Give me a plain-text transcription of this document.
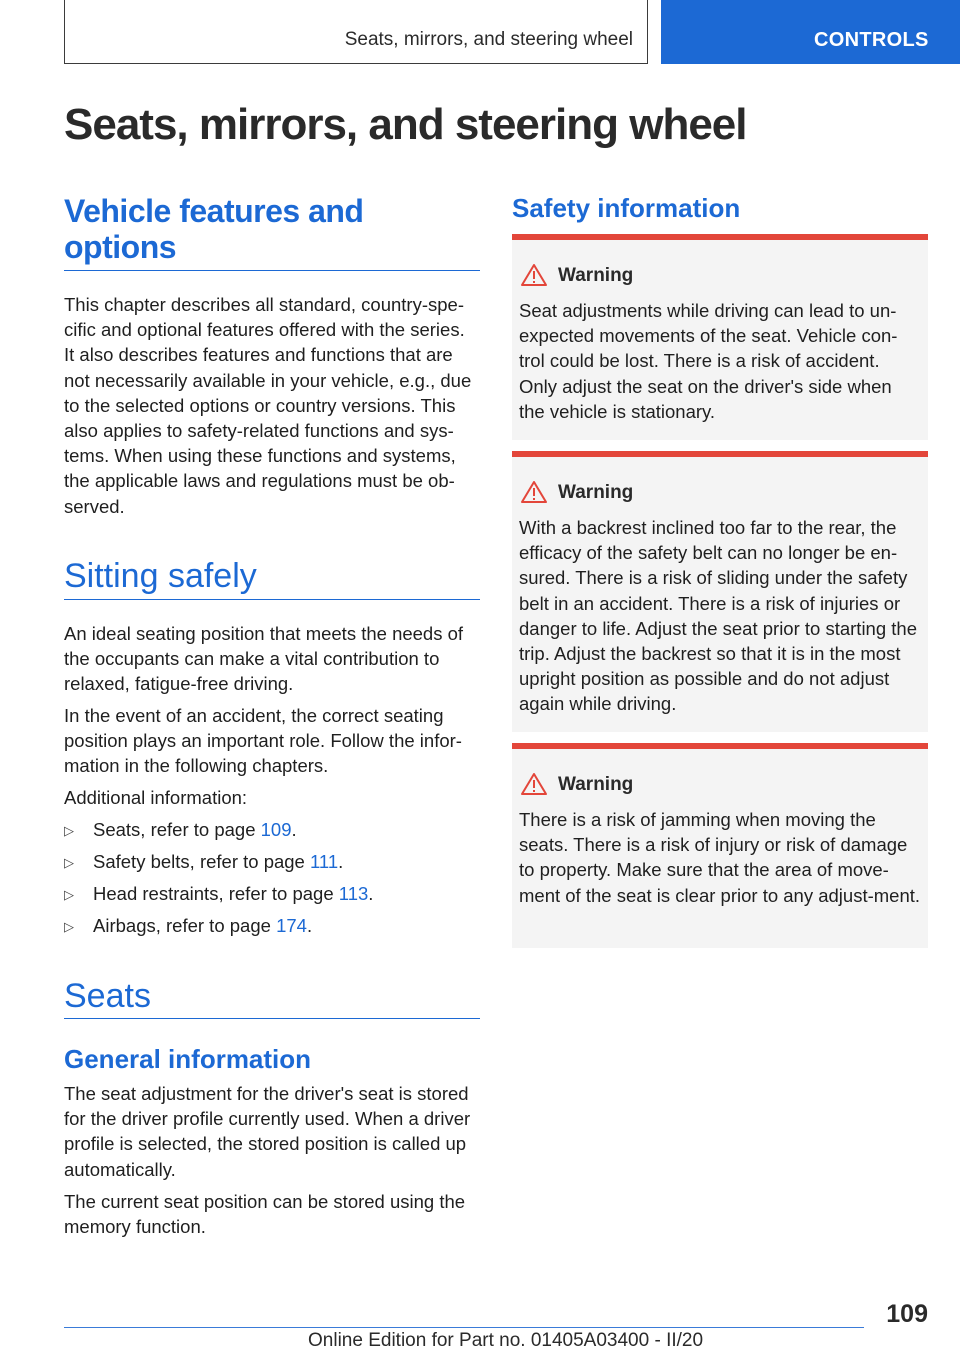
Seats, mirrors, and steering wheel	CONTROLS
Seats, mirrors, and steering wheel
Vehicle features and options

This chapter describes all standard, country-spe-cific and optional features offered with the series. It also describes features and functions that are not necessarily available in your vehicle, e.g., due to the selected options or country versions. This also applies to safety-related functions and sys-tems. When using these functions and systems, the applicable laws and regulations must be ob-served.

Sitting safely

An ideal seating position that meets the needs of the occupants can make a vital contribution to relaxed, fatigue-free driving.

In the event of an accident, the correct seating position plays an important role. Follow the infor-mation in the following chapters.

Additional information:

▷ Seats, refer to page 109.
▷ Safety belts, refer to page 111.
▷ Head restraints, refer to page 113.
▷ Airbags, refer to page 174.
Seats
General information

The seat adjustment for the driver's seat is stored for the driver profile currently used. When a driver profile is selected, the stored position is called up automatically.

The current seat position can be stored using the memory function.

Safety information
Warning

Seat adjustments while driving can lead to un-expected movements of the seat. Vehicle con-trol could be lost. There is a risk of accident. Only adjust the seat on the driver's side when the vehicle is stationary.

Warning

With a backrest inclined too far to the rear, the efficacy of the safety belt can no longer be en-sured. There is a risk of sliding under the safety belt in an accident. There is a risk of injuries or danger to life. Adjust the seat prior to starting the trip. Adjust the backrest so that it is in the most upright position as possible and do not adjust again while driving.

Warning

There is a risk of jamming when moving the seats. There is a risk of injury or risk of damage to property. Make sure that the area of move-ment of the seat is clear prior to any adjust-ment.

109
Online Edition for Part no. 01405A03400 - II/20
